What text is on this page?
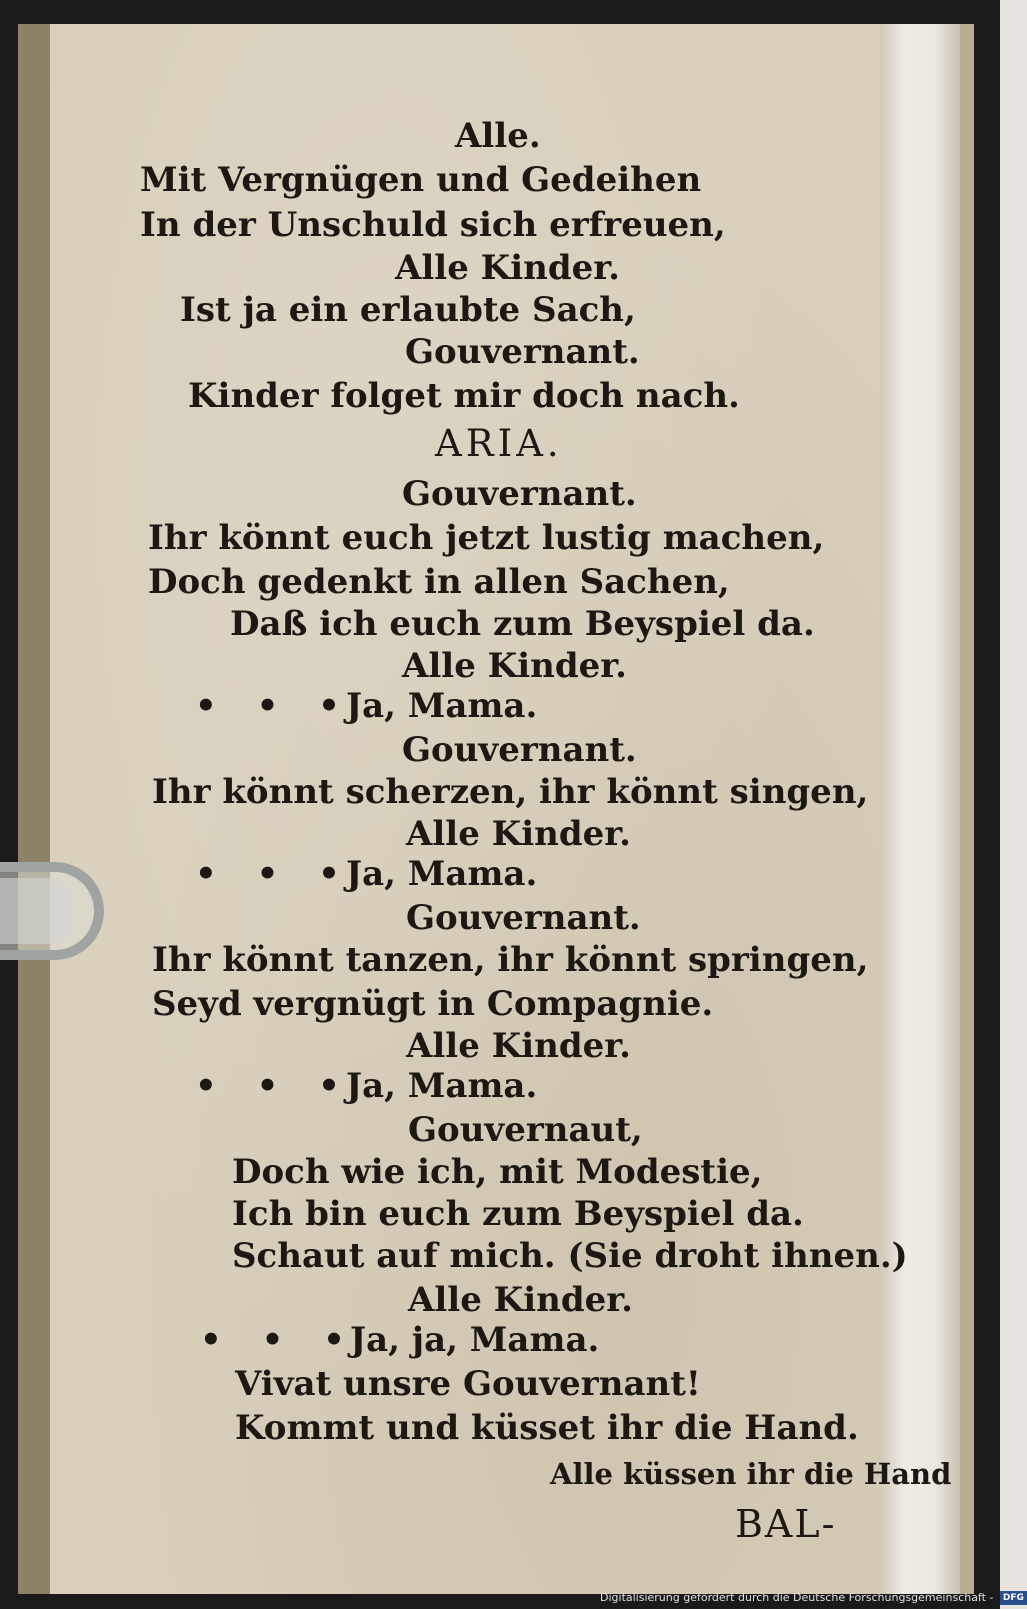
Alle.
Mit Vergnügen und Gedeihen
In der Unschuld sich erfreuen,
Alle Kinder.
Ist ja ein erlaubte Sach,
Gouvernant.
Kinder folget mir doch nach.
ARIA.
Gouvernant.
Ihr könnt euch jetzt lustig machen,
Doch gedenkt in allen Sachen,
Daß ich euch zum Beyspiel da.
Alle Kinder.
• • •
Ja, Mama.
Gouvernant.
Ihr könnt scherzen, ihr könnt singen,
Alle Kinder.
• • •
Ja, Mama.
Gouvernant.
Ihr könnt tanzen, ihr könnt springen,
Seyd vergnügt in Compagnie.
Alle Kinder.
• • •
Ja, Mama.
Gouvernaut,
Doch wie ich, mit Modestie,
Ich bin euch zum Beyspiel da.
Schaut auf mich. (Sie droht ihnen.)
Alle Kinder.
• • •
Ja, ja, Mama.
Vivat unsre Gouvernant!
Kommt und küsset ihr die Hand.
Alle küssen ihr die Hand
BAL-
Digitalisierung gefördert durch die Deutsche Forschungsgemeinschaft - DFG
